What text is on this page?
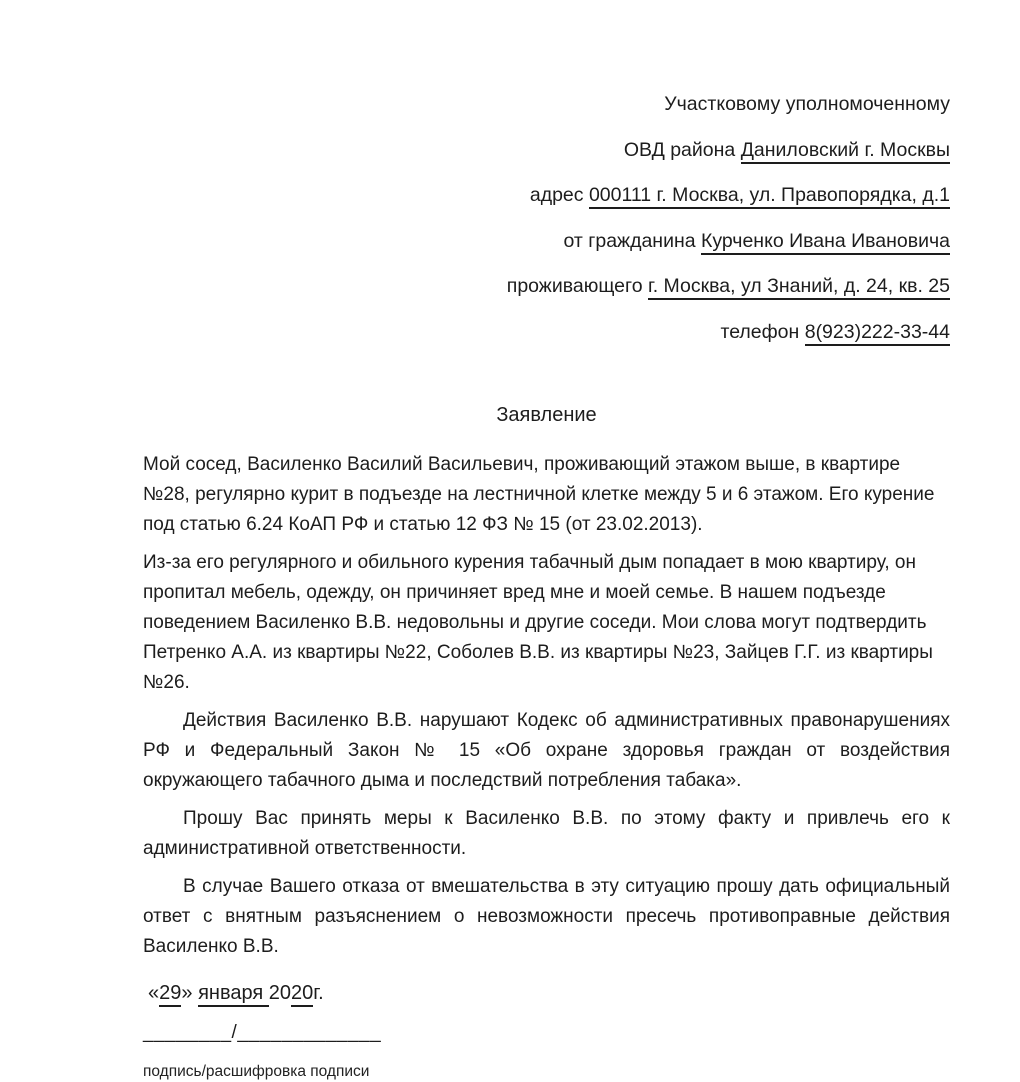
Участковому уполномоченному
ОВД района Даниловский г. Москвы
адрес 000111 г. Москва, ул. Правопорядка, д.1
от гражданина Курченко Ивана Ивановича
проживающего г. Москва, ул Знаний, д. 24, кв. 25
телефон 8(923)222-33-44
Заявление

Мой сосед, Василенко Василий Васильевич, проживающий этажом выше, в квартире №28, регулярно курит в подъезде на лестничной клетке между 5 и 6 этажом. Его курение под статью 6.24 КоАП РФ и статью 12 ФЗ № 15 (от 23.02.2013).

Из-за его регулярного и обильного курения табачный дым попадает в мою квартиру, он пропитал мебель, одежду, он причиняет вред мне и моей семье. В нашем подъезде поведением Василенко В.В. недовольны и другие соседи. Мои слова могут подтвердить Петренко А.А. из квартиры №22, Соболев В.В. из квартиры №23, Зайцев Г.Г. из квартиры №26.

Действия Василенко В.В. нарушают Кодекс об административных правонарушениях РФ и Федеральный Закон № 15 «Об охране здоровья граждан от воздействия окружающего табачного дыма и последствий потребления табака».

Прошу Вас принять меры к Василенко В.В. по этому факту и привлечь его к административной ответственности.

В случае Вашего отказа от вмешательства в эту ситуацию прошу дать официальный ответ с внятным разъяснением о невозможности пресечь противоправные действия Василенко В.В.

«29» января 2020г.
________/_____________
подпись/расшифровка подписи
